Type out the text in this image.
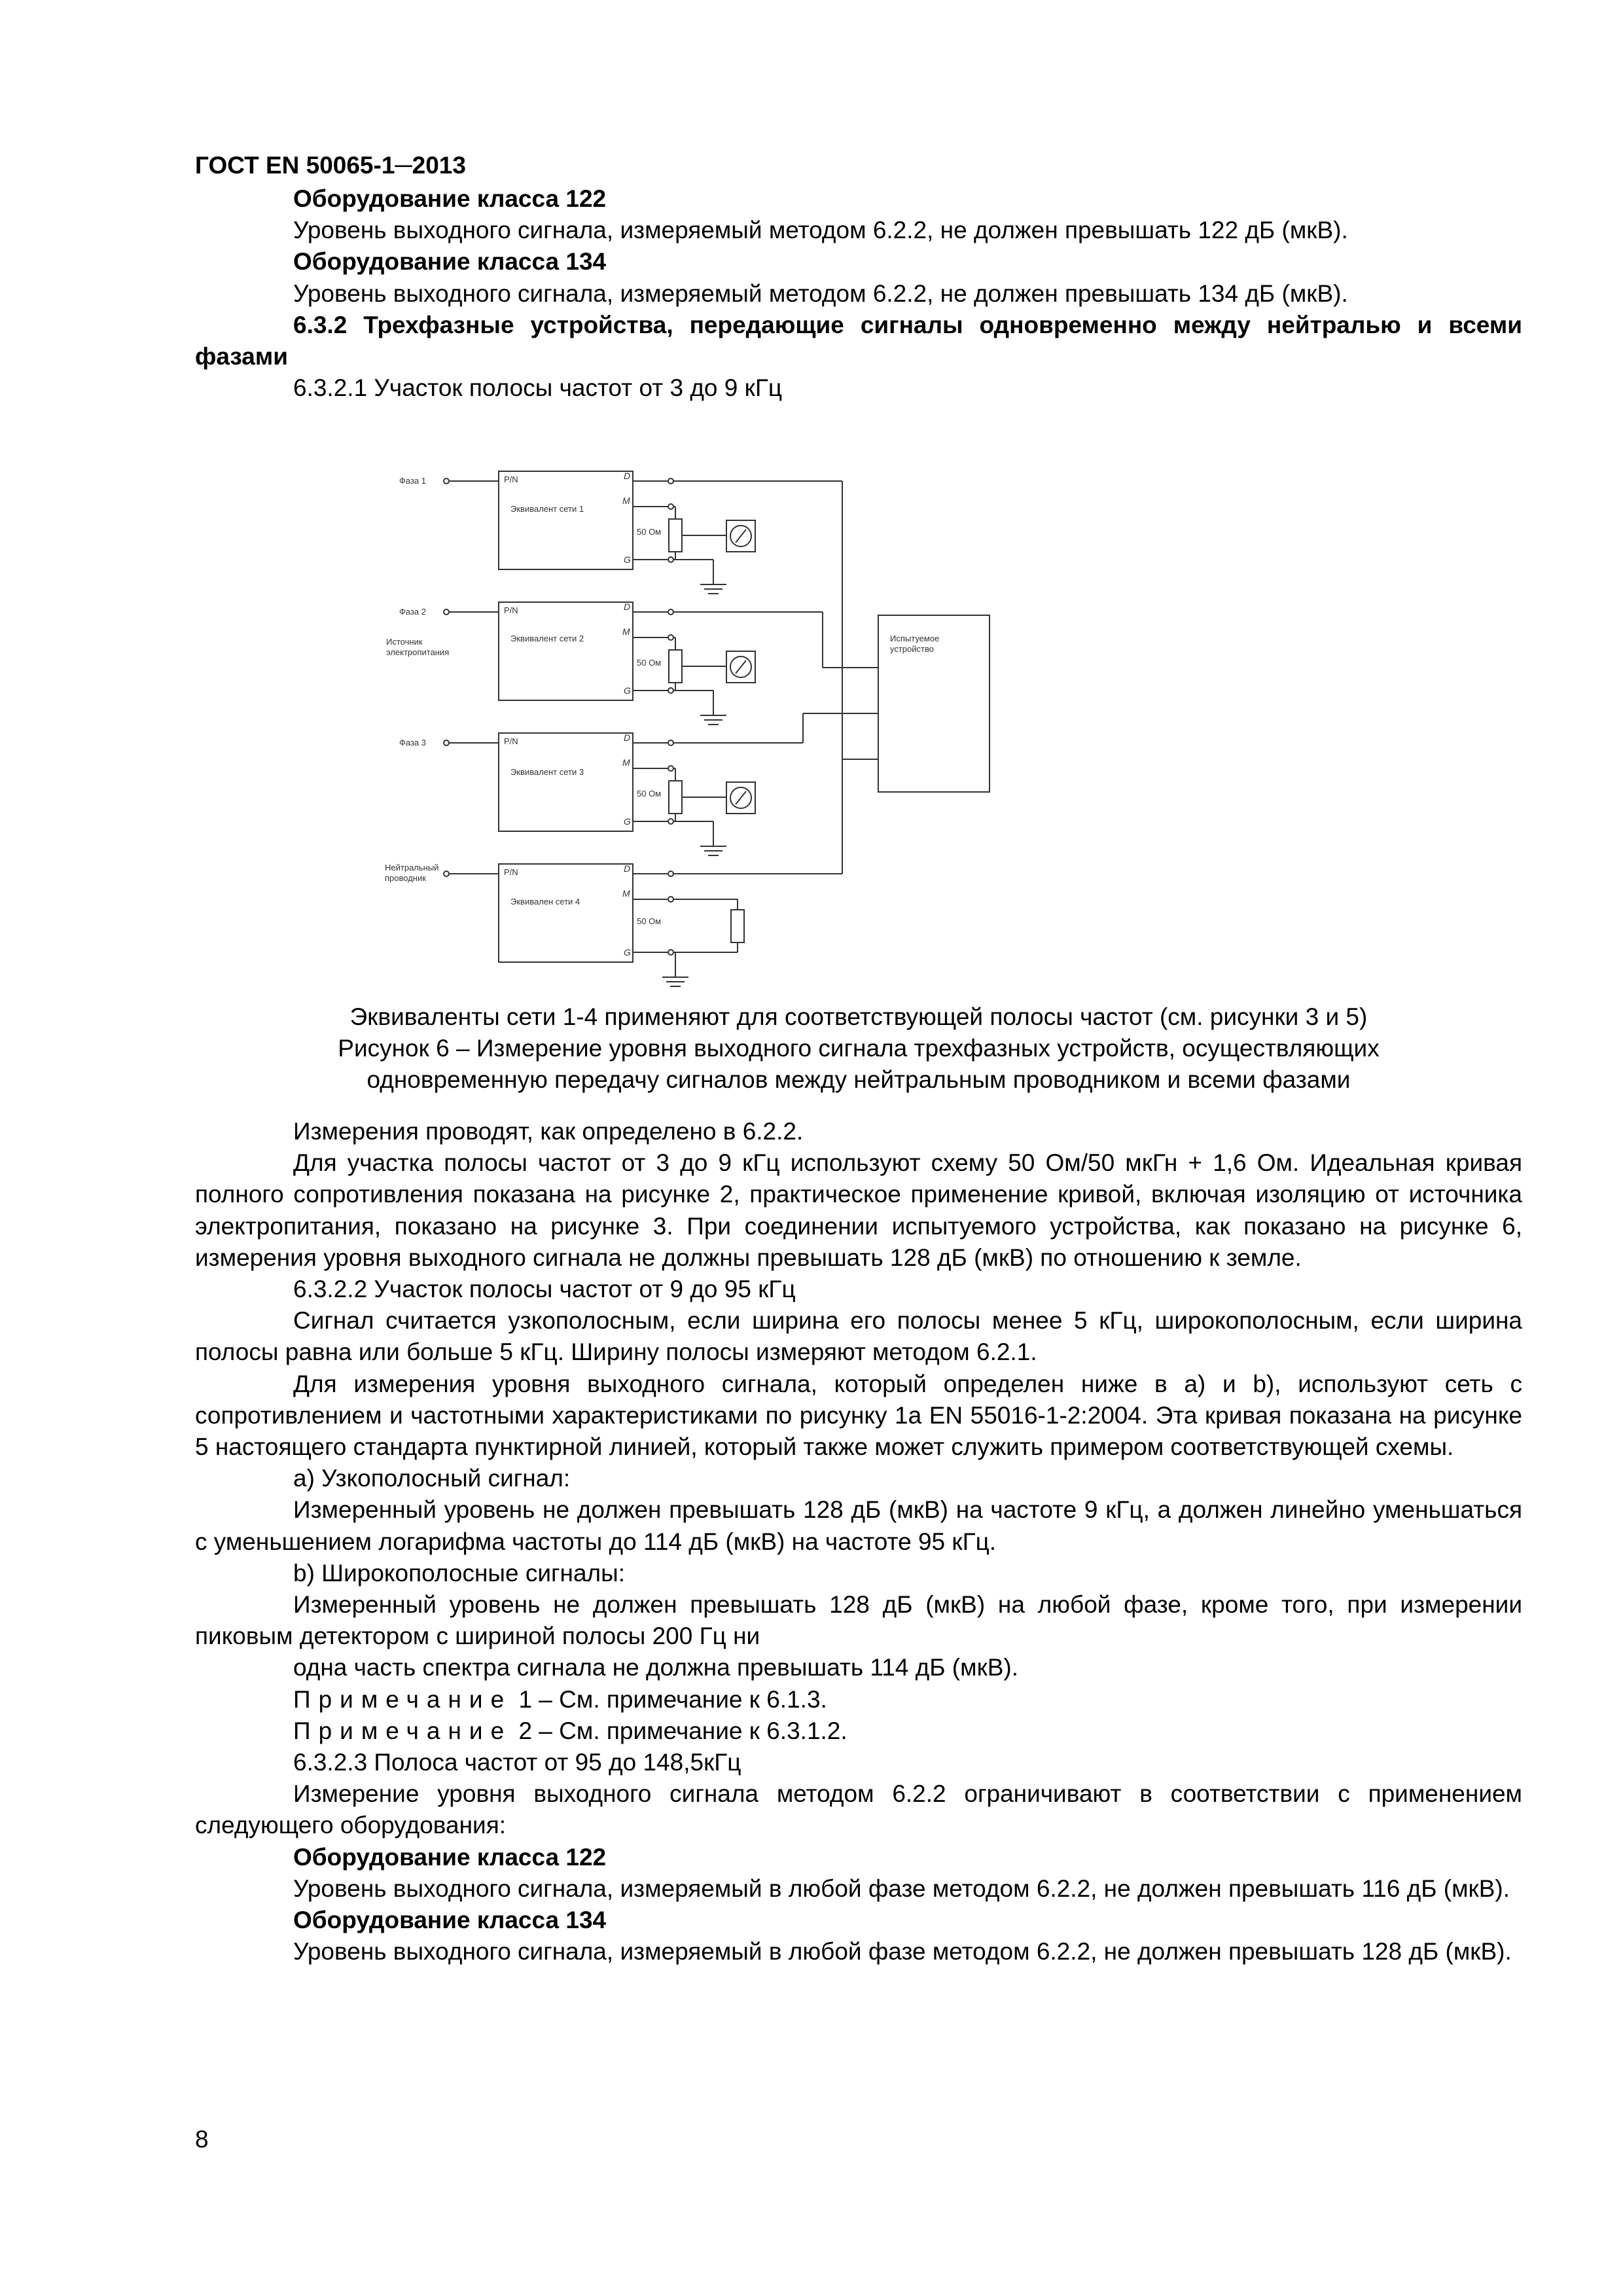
ГОСТ EN 50065-1─2013

Оборудование класса 122

Уровень выходного сигнала, измеряемый методом 6.2.2, не должен превышать 122 дБ (мкВ).

Оборудование класса 134

Уровень выходного сигнала, измеряемый методом 6.2.2, не должен превышать 134 дБ (мкВ).

6.3.2 Трехфазные устройства, передающие сигналы одновременно между нейтралью и всеми фазами

6.3.2.1 Участок полосы частот от 3 до 9 кГц

Фаза 1
Фаза 2
Источник
электропитания
Фаза 3
Нейтральный
проводник
P/N
P/N
P/N
P/N
Эквивалент сети 1
Эквивалент сети 2
Эквивалент сети 3
Эквивален сети 4
50 Ом
50 Ом
50 Ом
50 Ом
Испытуемое
устройство
D
M
G
D
M
G
D
M
G
D
M
G

Эквиваленты сети 1-4 применяют для соответствующей полосы частот (см. рисунки 3 и 5)

Рисунок 6 – Измерение уровня выходного сигнала трехфазных устройств, осуществляющих одновременную передачу сигналов между нейтральным проводником и всеми фазами

Измерения проводят, как определено в 6.2.2.

Для участка полосы частот от 3 до 9 кГц используют схему 50 Ом/50 мкГн + 1,6 Ом. Идеальная кривая полного сопротивления показана на рисунке 2, практическое применение кривой, включая изоляцию от источника электропитания, показано на рисунке 3. При соединении испытуемого устройства, как показано на рисунке 6, измерения уровня выходного сигнала не должны превышать 128 дБ (мкВ) по отношению к земле.

6.3.2.2 Участок полосы частот от 9 до 95 кГц

Сигнал считается узкополосным, если ширина его полосы менее 5 кГц, широкополосным, если ширина полосы равна или больше 5 кГц. Ширину полосы измеряют методом 6.2.1.

Для измерения уровня выходного сигнала, который определен ниже в а) и b), используют сеть с сопротивлением и частотными характеристиками по рисунку 1а EN 55016-1-2:2004. Эта кривая показана на рисунке 5 настоящего стандарта пунктирной линией, который также может служить примером соответствующей схемы.

а) Узкополосный сигнал:

Измеренный уровень не должен превышать 128 дБ (мкВ) на частоте 9 кГц, а должен линейно уменьшаться с уменьшением логарифма частоты до 114 дБ (мкВ) на частоте 95 кГц.

b) Широкополосные сигналы:

Измеренный уровень не должен превышать 128 дБ (мкВ) на любой фазе, кроме того, при измерении пиковым детектором с шириной полосы 200 Гц ни

одна часть спектра сигнала не должна превышать 114 дБ (мкВ).

Примечание 1 – См. примечание к 6.1.3.

Примечание 2 – См. примечание к 6.3.1.2.

6.3.2.3 Полоса частот от 95 до 148,5кГц

Измерение уровня выходного сигнала методом 6.2.2 ограничивают в соответствии с применением следующего оборудования:

Оборудование класса 122

Уровень выходного сигнала, измеряемый в любой фазе методом 6.2.2, не должен превышать 116 дБ (мкВ).

Оборудование класса 134

Уровень выходного сигнала, измеряемый в любой фазе методом 6.2.2, не должен превышать 128 дБ (мкВ).

8
